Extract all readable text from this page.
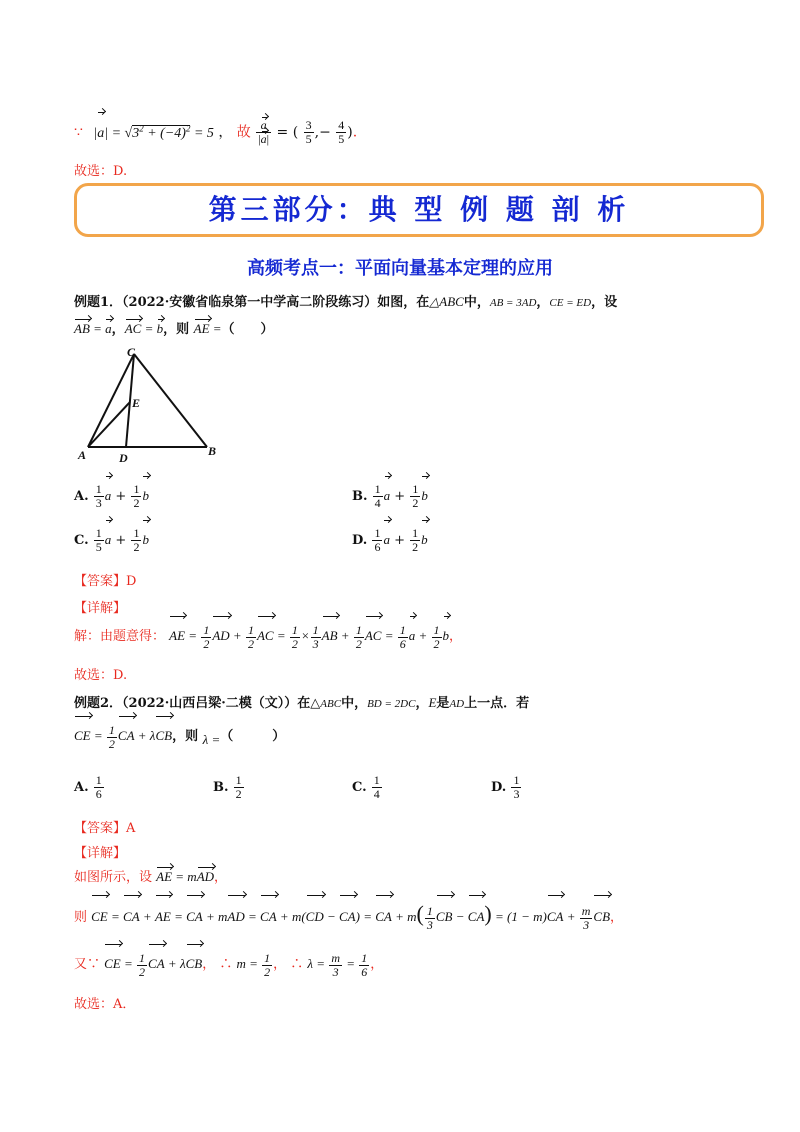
∵ $|a| = √3^2 + (-4)^2 = 5$ ， 故 $\frac{a}{|a|}$ = ( $\frac{3}{5}$ ,− $\frac{4}{5}$ ).
故选：D.
第三部分：典 型 例 题 剖 析
高频考点一：平面向量基本定理的应用
例题1．（2022·安徽省临泉第一中学高二阶段练习）如图，在△ABC中，AB = 3AD，CE = ED，设
AB = a，AC = b，则 AE =（　　）
A	B
C
D
E
A. $\frac{1}{3}$ $a + \frac{1}{2}$ b	B. $\frac{1}{4}$ $a + \frac{1}{2}$ b
C. $\frac{1}{5}$ $a + \frac{1}{2}$ b	D. $\frac{1}{6}$ $a + \frac{1}{2}$ b
【答案】D
【详解】
解：由题意得： AE = $\frac{1}{2}$ AD + $\frac{1}{2}$ AC = $\frac{1}{2} \times \frac{1}{3}$ AB + $\frac{1}{2}$ AC = $\frac{1}{6}$ $a + \frac{1}{2}$ b，
故选：D.
例题2．（2022·山西吕梁·二模（文））在△ABC中，BD = 2DC，E是AD上一点．若
CE = $\frac{1}{2}$ CA + λCB，则 λ =（　　　）
A. $\frac{1}{6}$	B. $\frac{1}{2}$	C. $\frac{1}{4}$	D. $\frac{1}{3}$
【答案】A
【详解】
如图所示，设 AE = mAD，
则 CE = CA + AE = CA + mAD = CA + m(CD − CA) = CA + $m( \frac{1}{3}$ CB − $CA) = (1 - m)CA + \frac{m}{3}$ CB，
又∵ CE = $\frac{1}{2}$ CA + λCB， ∴ $m = \frac{1}{2}$ ， ∴ $\lambda = \frac{m}{3} = \frac{1}{6}$ ，
故选：A．
